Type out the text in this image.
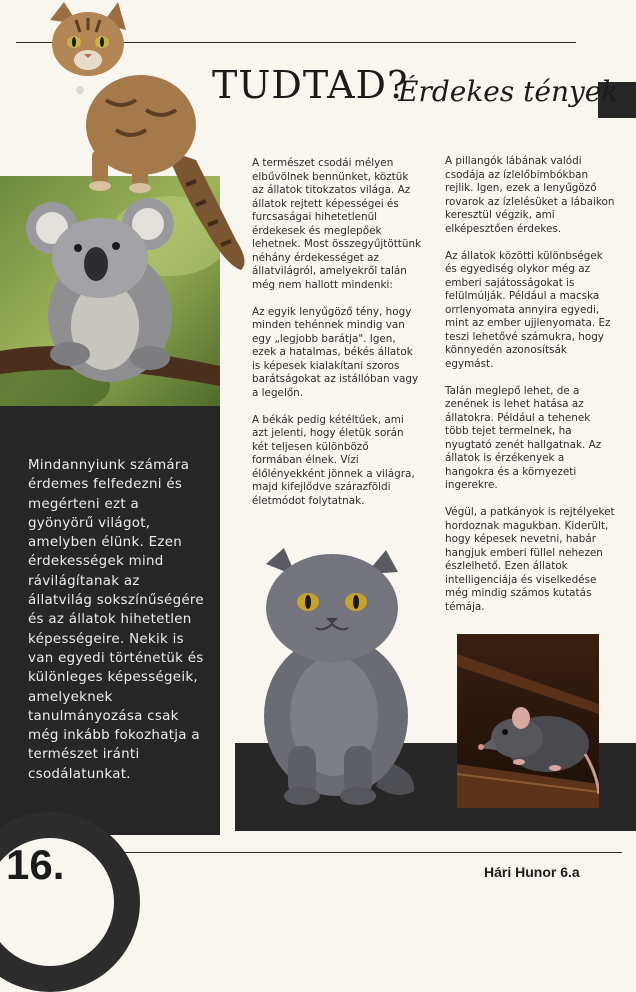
TUDTAD?
Érdekes tények
Mindannyiunk számára érdemes felfedezni és megérteni ezt a gyönyörű világot, amelyben élünk. Ezen érdekességek mind rávilágítanak az állatvilág sokszínűségére és az állatok hihetetlen képességeire. Nekik is van egyedi történetük és különleges képességeik, amelyeknek tanulmányozása csak még inkább fokozhatja a természet iránti csodálatunkat.

A természet csodái mélyen elbűvölnek bennünket, köztük az állatok titokzatos világa. Az állatok rejtett képességei és furcsaságai hihetetlenül érdekesek és meglepőek lehetnek. Most összegyűjtöttünk néhány érdekességet az állatvilágról, amelyekről talán még nem hallott mindenki:

Az egyik lenyűgöző tény, hogy minden tehénnek mindig van egy „legjobb barátja". Igen, ezek a hatalmas, békés állatok is képesek kialakítani szoros barátságokat az istállóban vagy a legelőn.

A békák pedig kétéltűek, ami azt jelenti, hogy életük során két teljesen különböző formában élnek. Vízi élőlényekként jönnek a világra, majd kifejlődve szárazföldi életmódot folytatnak.

A pillangók lábának valódi csodája az ízlelőbimbókban rejlik. Igen, ezek a lenyűgöző rovarok az ízlelésüket a lábaikon keresztül végzik, ami elképesztően érdekes.

Az állatok közötti különbségek és egyediség olykor még az emberi sajátosságokat is felülmúlják. Például a macska orrlenyomata annyira egyedi, mint az ember ujjlenyomata. Ez teszi lehetővé számukra, hogy könnyedén azonosítsák egymást.

Talán meglepő lehet, de a zenének is lehet hatása az állatokra. Például a tehenek több tejet termelnek, ha nyugtató zenét hallgatnak. Az állatok is érzékenyek a hangokra és a környezeti ingerekre.

Végül, a patkányok is rejtélyeket hordoznak magukban. Kiderült, hogy képesek nevetni, habár hangjuk emberi füllel nehezen észlelhető. Ezen állatok intelligenciája és viselkedése még mindig számos kutatás témája.

16.	Hári Hunor 6.a
